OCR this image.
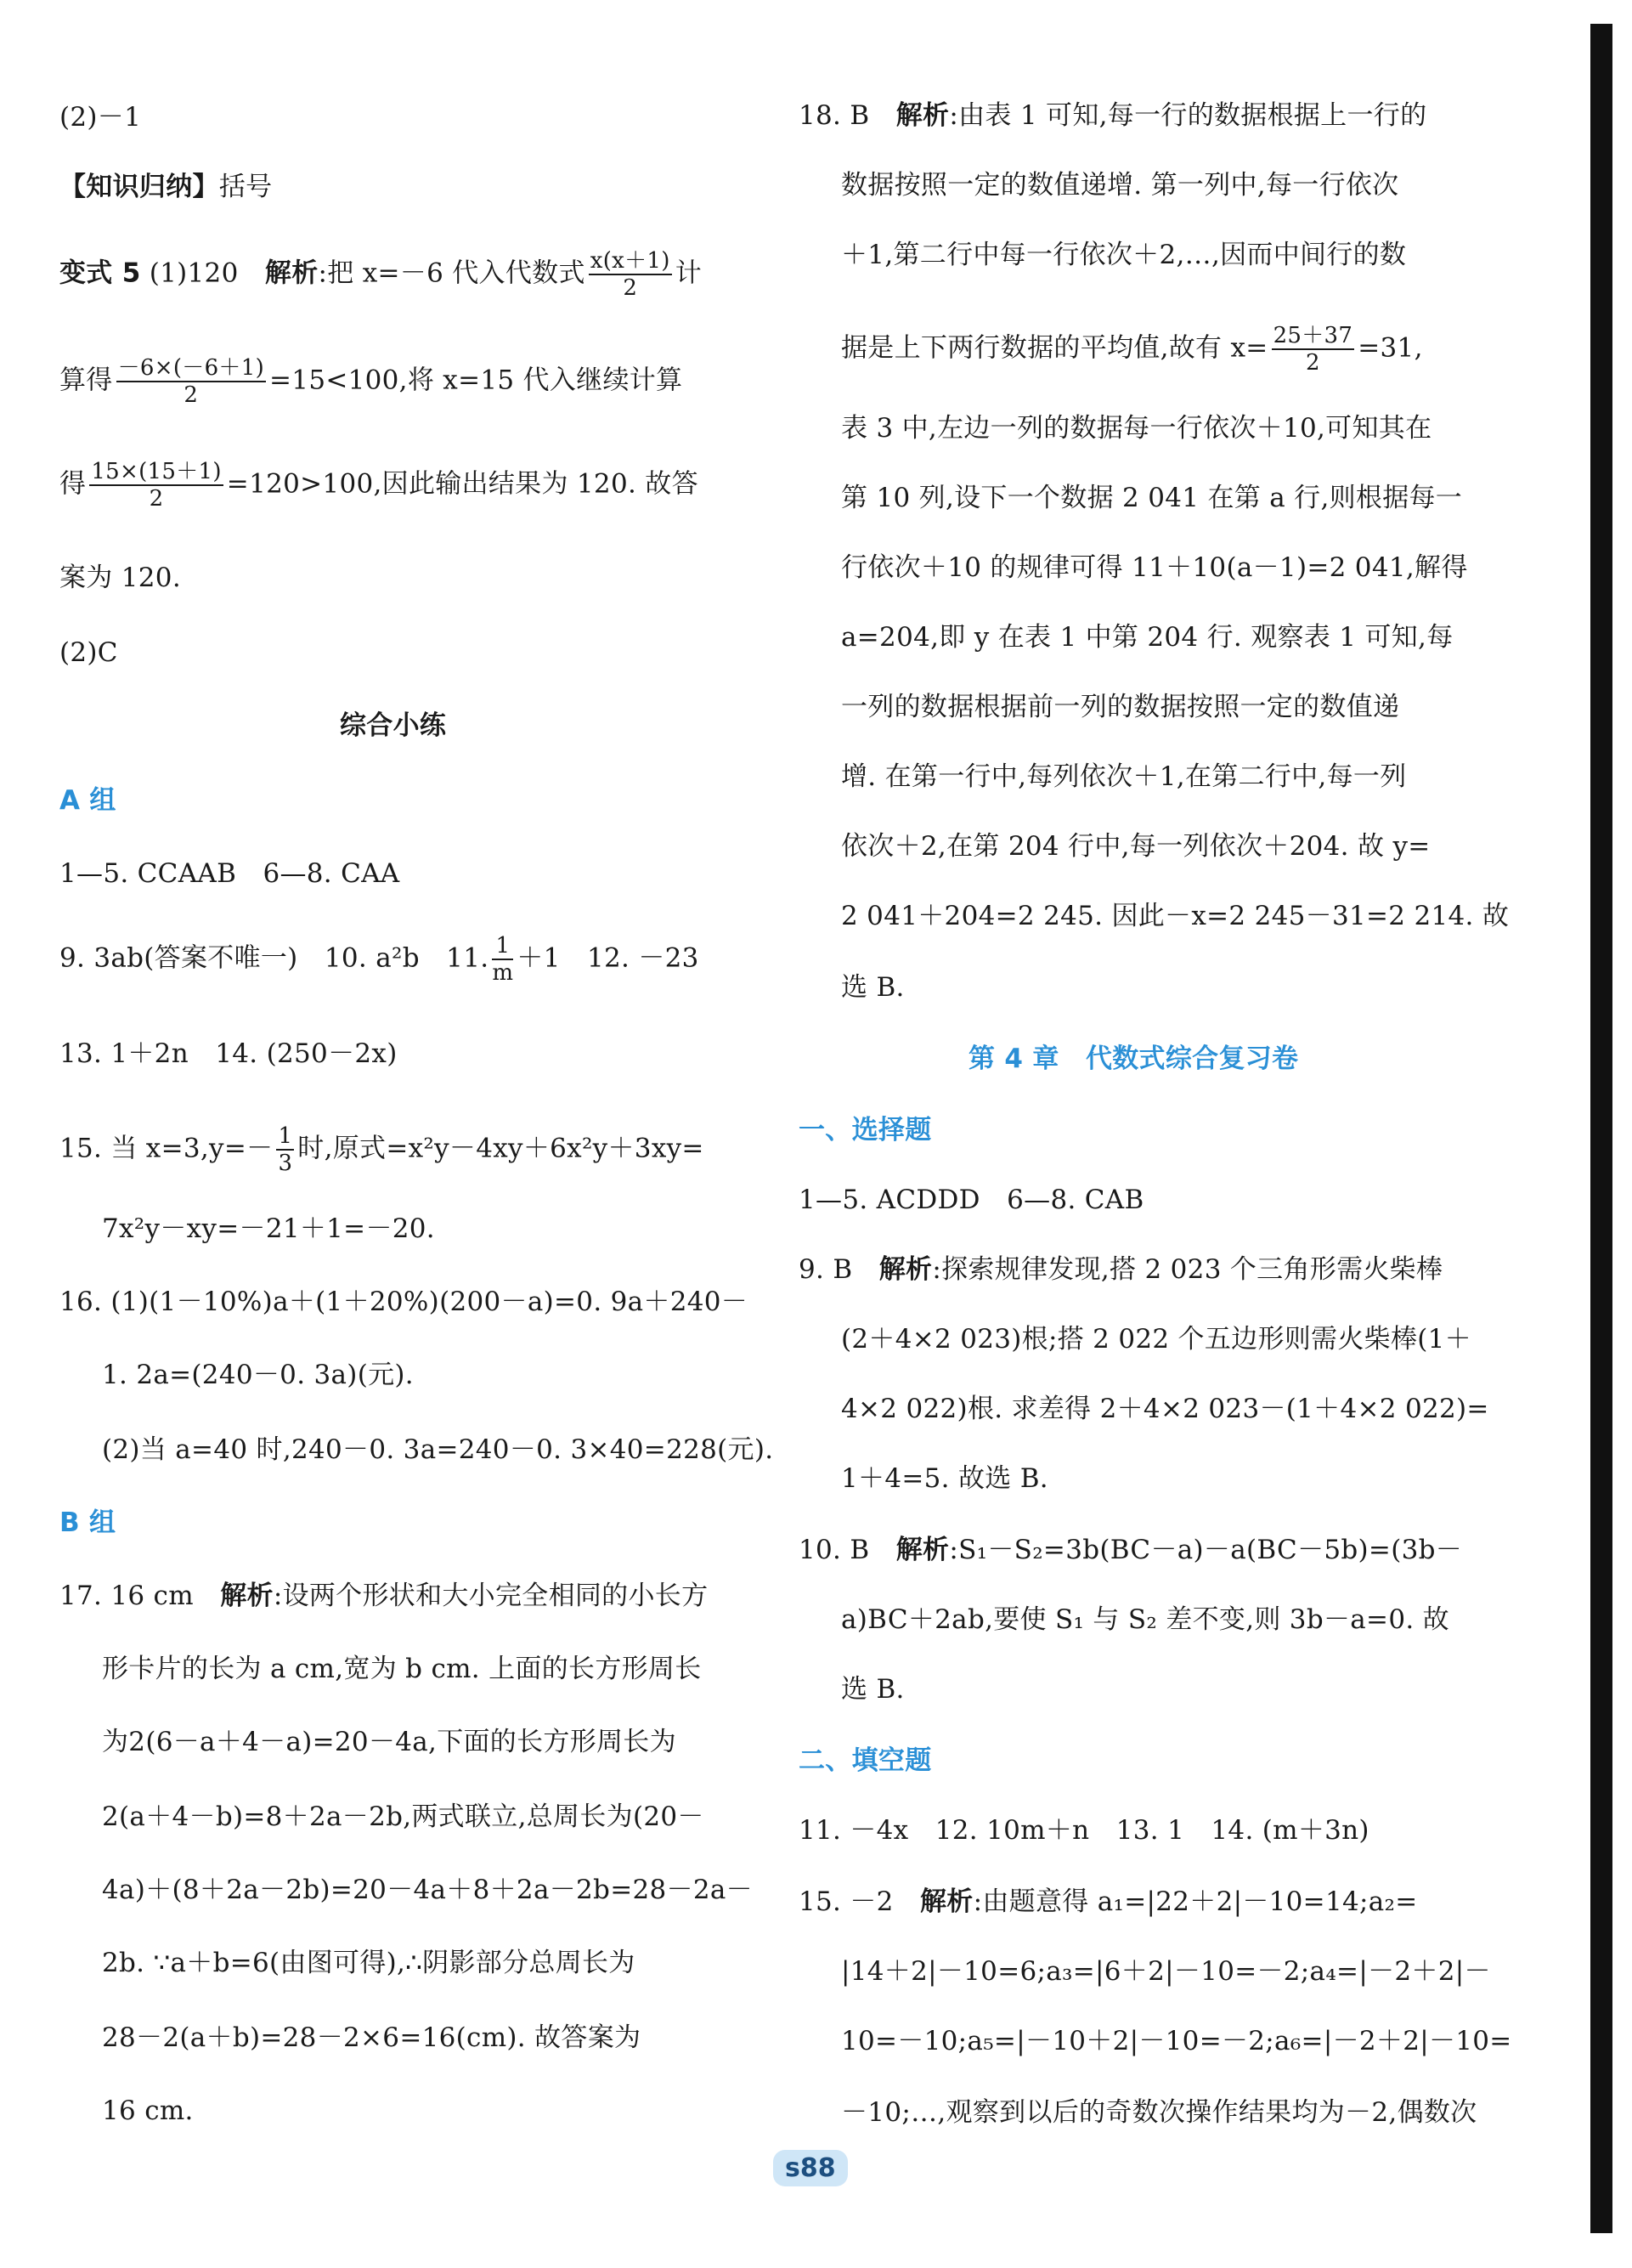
(2)－1
【知识归纳】括号
变式 5 (1)120　解析:把 x=－6 代入代数式 $\frac{x(x+1)}{2}$ 计
算得 $\frac{-6\times(-6+1)}{2} =15<100$,将 x=15 代入继续计算
得 $\frac{15\times(15+1)}{2} =120>100$,因此输出结果为 120. 故答
案为 120.
(2)C
综合小练
A 组
1—5. CCAAB　6—8. CAA
9. 3ab(答案不唯一)　10. a²b　11. $\frac{1}{m} +1$　12. －23
13. 1＋2n　14. (250－2x)
15. 当 $x=3,y=- \frac{1}{3}$ 时,原式=x²y－4xy＋6x²y＋3xy=
7x²y－xy=－21＋1=－20.
16. (1)(1－10%)a＋(1＋20%)(200－a)=0. 9a＋240－
1. 2a=(240－0. 3a)(元).
(2)当 a=40 时,240－0. 3a=240－0. 3×40=228(元).
B 组
17. 16 cm　解析:设两个形状和大小完全相同的小长方
形卡片的长为 a cm,宽为 b cm. 上面的长方形周长
为2(6－a＋4－a)=20－4a,下面的长方形周长为
2(a＋4－b)=8＋2a－2b,两式联立,总周长为(20－
4a)＋(8＋2a－2b)=20－4a＋8＋2a－2b=28－2a－
2b. ∵a＋b=6(由图可得),∴阴影部分总周长为
28－2(a＋b)=28－2×6=16(cm). 故答案为
16 cm.
18. B　解析:由表 1 可知,每一行的数据根据上一行的
数据按照一定的数值递增. 第一列中,每一行依次
＋1,第二行中每一行依次＋2,…,因而中间行的数
据是上下两行数据的平均值,故有 $x= \frac{25+37}{2} =31$,
表 3 中,左边一列的数据每一行依次＋10,可知其在
第 10 列,设下一个数据 2 041 在第 a 行,则根据每一
行依次＋10 的规律可得 11＋10(a－1)=2 041,解得
a=204,即 y 在表 1 中第 204 行. 观察表 1 可知,每
一列的数据根据前一列的数据按照一定的数值递
增. 在第一行中,每列依次＋1,在第二行中,每一列
依次＋2,在第 204 行中,每一列依次＋204. 故 y=
2 041＋204=2 245. 因此－x=2 245－31=2 214. 故
选 B.
第 4 章　代数式综合复习卷
一、选择题
1—5. ACDDD　6—8. CAB
9. B　解析:探索规律发现,搭 2 023 个三角形需火柴棒
(2＋4×2 023)根;搭 2 022 个五边形则需火柴棒(1＋
4×2 022)根. 求差得 2＋4×2 023－(1＋4×2 022)=
1＋4=5. 故选 B.
10. B　解析:S₁－S₂=3b(BC－a)－a(BC－5b)=(3b－
a)BC＋2ab,要使 S₁ 与 S₂ 差不变,则 3b－a=0. 故
选 B.
二、填空题
11. －4x　12. 10m＋n　13. 1　14. (m＋3n)
15. －2　解析:由题意得 a₁=|22＋2|－10=14;a₂=
|14＋2|－10=6;a₃=|6＋2|－10=－2;a₄=|－2＋2|－
10=－10;a₅=|－10＋2|－10=－2;a₆=|－2＋2|－10=
－10;…,观察到以后的奇数次操作结果均为－2,偶数次
s88
